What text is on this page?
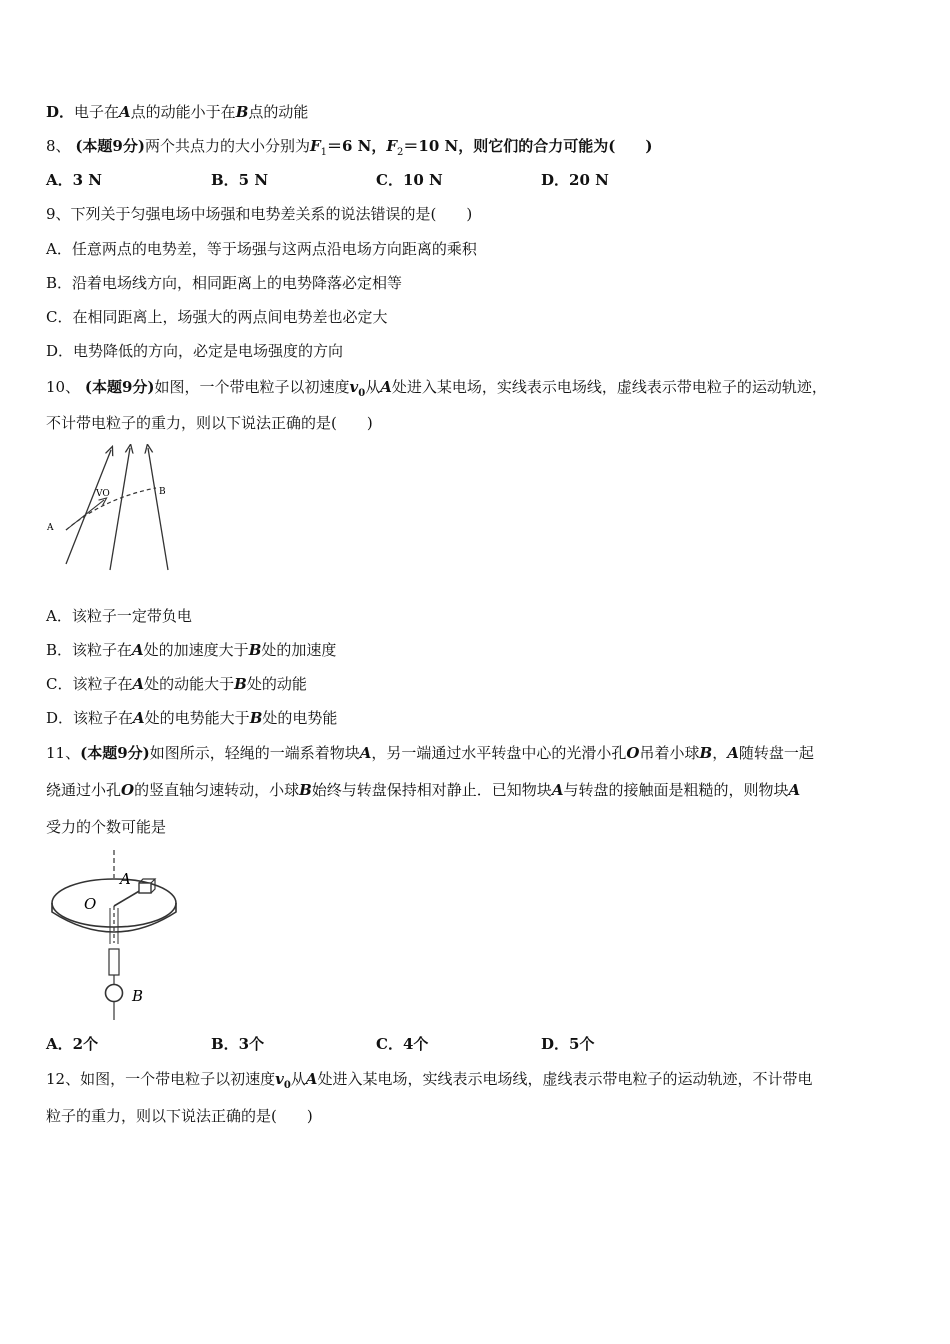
D．电子在A点的动能小于在B点的动能
8、 (本题9分)两个共点力的大小分别为$F_1=6$ N，$F_2=10$ N，则它们的合力可能为(　　)
A．3 N	B．5 N	C．10 N	D．20 N
9、下列关于匀强电场中场强和电势差关系的说法错误的是(　　)
A．任意两点的电势差，等于场强与这两点沿电场方向距离的乘积
B．沿着电场线方向，相同距离上的电势降落必定相等
C．在相同距离上，场强大的两点间电势差也必定大
D．电势降低的方向，必定是电场强度的方向
10、 (本题9分)如图，一个带电粒子以初速度$v_0$从A处进入某电场，实线表示电场线，虚线表示带电粒子的运动轨迹，
不计带电粒子的重力，则以下说法正确的是(　　)
A
VO	B
A．该粒子一定带负电
B．该粒子在A处的加速度大于B处的加速度
C．该粒子在A处的动能大于B处的动能
D．该粒子在A处的电势能大于B处的电势能
11、(本题9分)如图所示，轻绳的一端系着物块A，另一端通过水平转盘中心的光滑小孔O吊着小球B，A随转盘一起
绕通过小孔O的竖直轴匀速转动，小球B始终与转盘保持相对静止．已知物块A与转盘的接触面是粗糙的，则物块A
受力的个数可能是
A
O
B
A．2个	B．3个	C．4个	D．5个
12、如图，一个带电粒子以初速度$v_0$从A处进入某电场，实线表示电场线，虚线表示带电粒子的运动轨迹，不计带电
粒子的重力，则以下说法正确的是(　　)
